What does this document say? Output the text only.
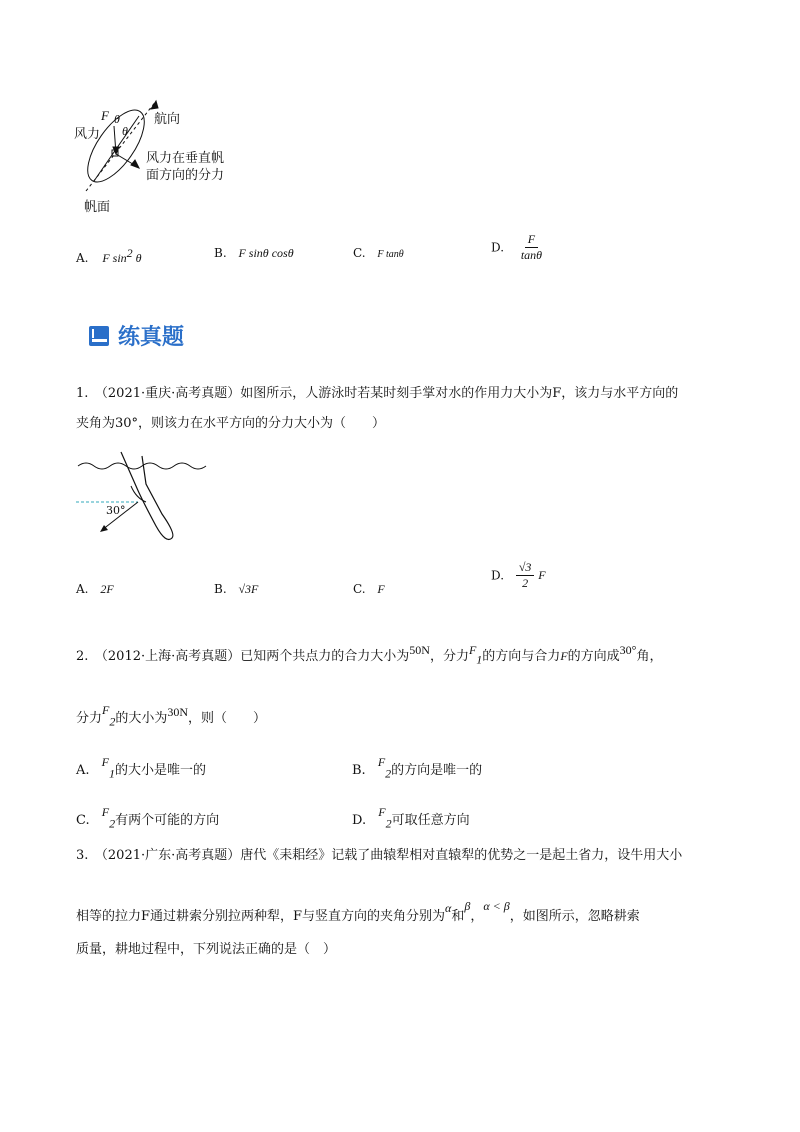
F θ
θ
航向
风力
风力在垂直帆
面方向的分力
帆面
A. F $\sin^2 \theta$	B. F sinθ cosθ	C. F tanθ	D. $\frac{F}{\tan\theta}$
练真题
1.　（2021·重庆·高考真题）如图所示，人游泳时若某时刻手掌对水的作用力大小为F，该力与水平方向的
夹角为30°，则该力在水平方向的分力大小为（　　）
30°
A. 2F	B. √3F	C. F
D. $\frac{√3}{2}$ F
2.　（2012·上海·高考真题）已知两个共点力的合力大小为50N，分力$F_1$的方向与合力F的方向成30°角，
分力$F_2$的大小为30N，则（　　）
A. $F_1$的大小是唯一的	B. $F_2$的方向是唯一的
C. $F_2$有两个可能的方向	D. $F_2$可取任意方向
3.　（2021·广东·高考真题）唐代《耒耜经》记载了曲辕犁相对直辕犁的优势之一是起土省力，设牛用大小
相等的拉力F通过耕索分别拉两种犁，F与竖直方向的夹角分别为α和β，α < β，如图所示，忽略耕索
质量，耕地过程中，下列说法正确的是（　）
